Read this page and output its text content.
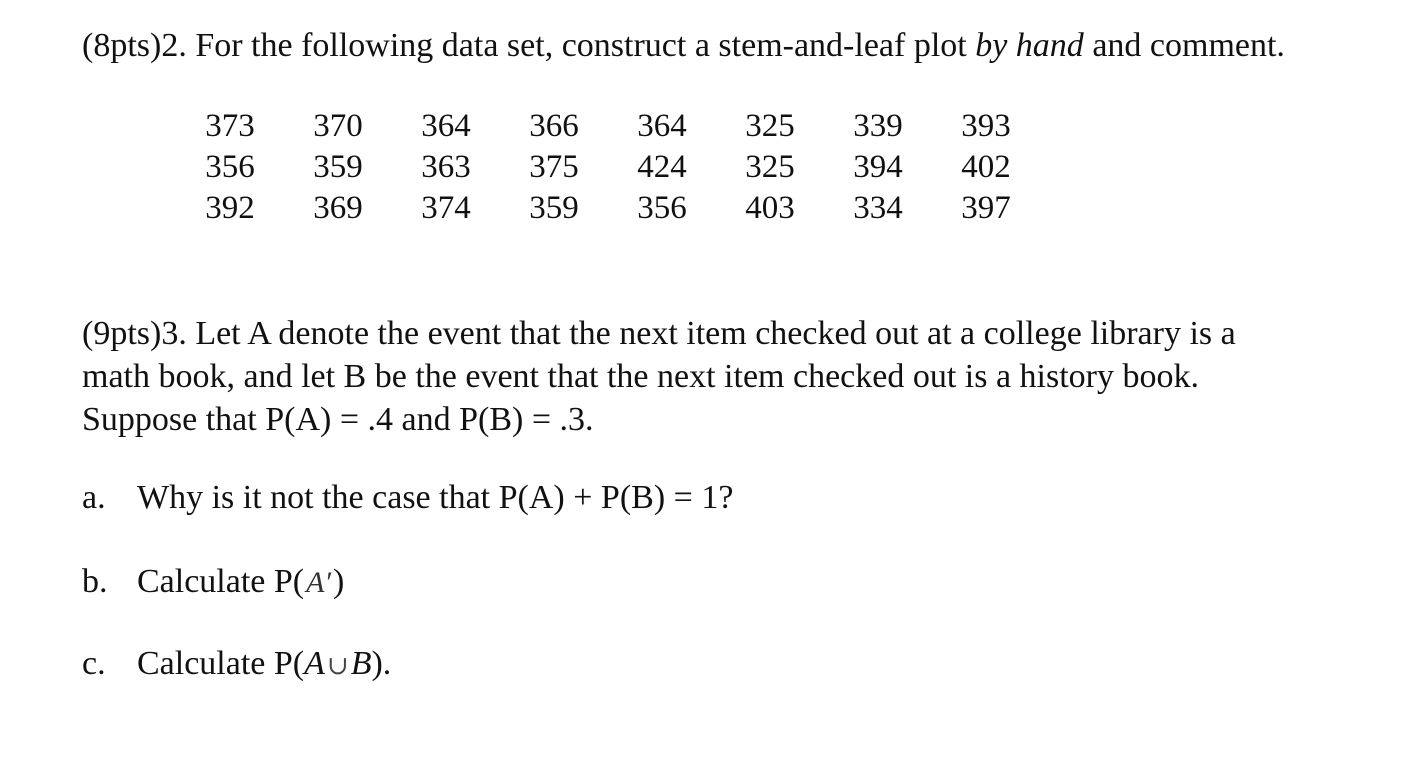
(8pts)2. For the following data set, construct a stem-and-leaf plot by hand and comment.
373	370	364	366	364	325	339	393
356	359	363	375	424	325	394	402
392	369	374	359	356	403	334	397
(9pts)3. Let A denote the event that the next item checked out at a college library is a
math book, and let B be the event that the next item checked out is a history book.
Suppose that P(A) = .4 and P(B) = .3.
a. Why is it not the case that P(A) + P(B) = 1?
b. Calculate P(A′)
c. Calculate P(A∪B).
